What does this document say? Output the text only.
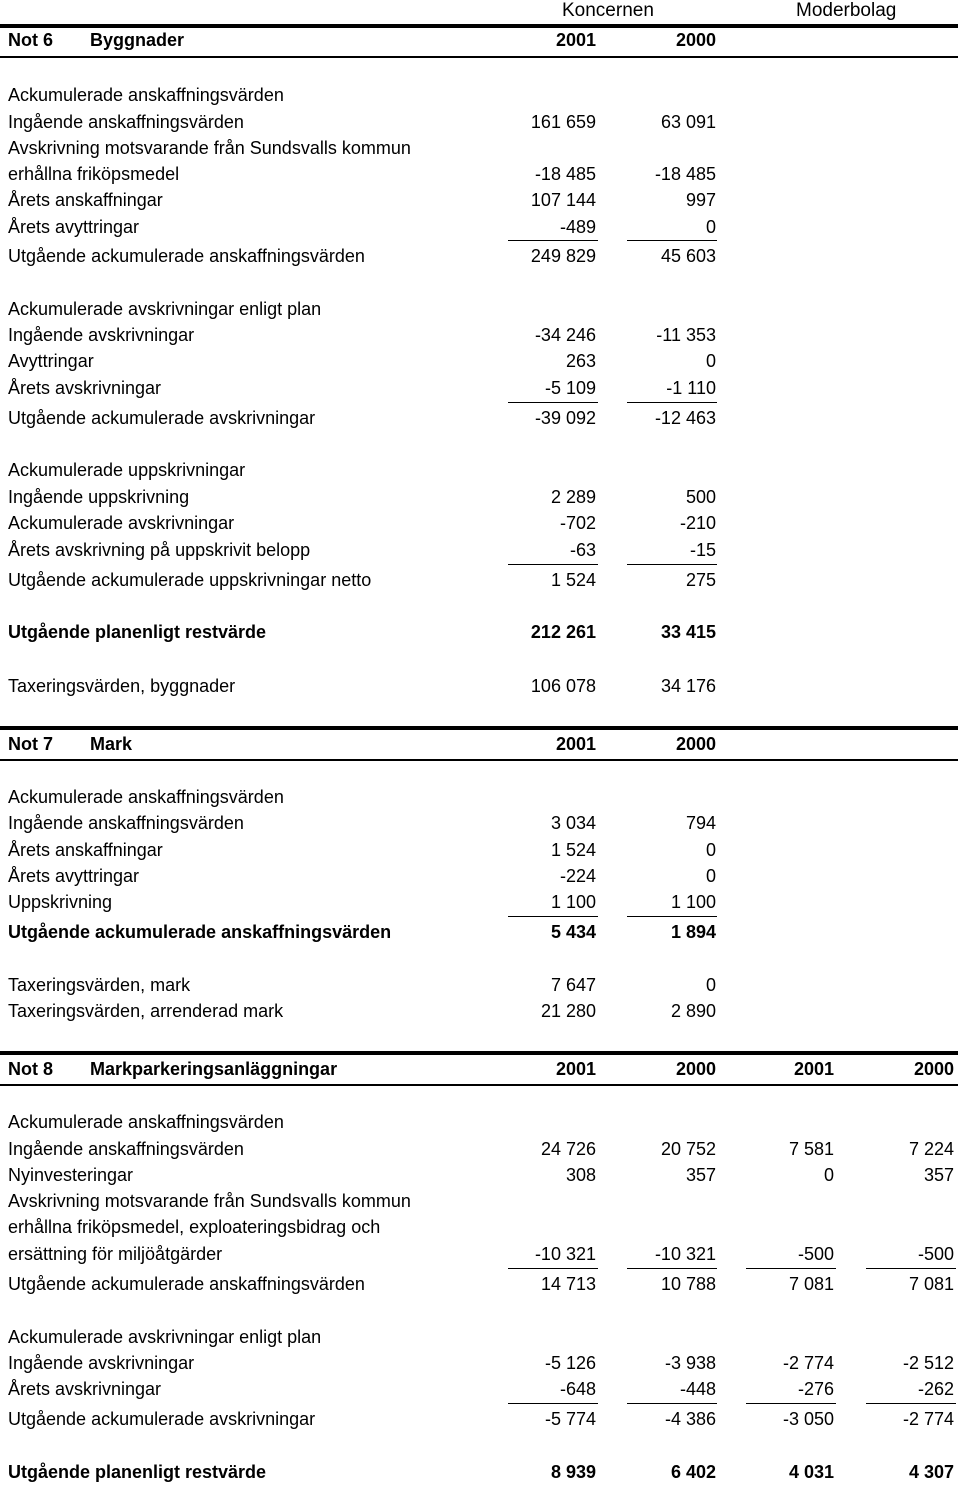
Koncernen	Moderbolag
Not 6 Byggnader	2001	2000
Ackumulerade anskaffningsvärden
Ingående anskaffningsvärden	161 659	63 091
Avskrivning motsvarande från Sundsvalls kommun
erhållna friköpsmedel	-18 485	-18 485
Årets anskaffningar	107 144	997
Årets avyttringar	-489	0
Utgående ackumulerade anskaffningsvärden	249 829	45 603
Ackumulerade avskrivningar enligt plan
Ingående avskrivningar	-34 246	-11 353
Avyttringar	263	0
Årets avskrivningar	-5 109	-1 110
Utgående ackumulerade avskrivningar	-39 092	-12 463
Ackumulerade uppskrivningar
Ingående uppskrivning	2 289	500
Ackumulerade avskrivningar	-702	-210
Årets avskrivning på uppskrivit belopp	-63	-15
Utgående ackumulerade uppskrivningar netto	1 524	275
Utgående planenligt restvärde	212 261	33 415
Taxeringsvärden, byggnader	106 078	34 176
Not 7 Mark	2001	2000
Ackumulerade anskaffningsvärden
Ingående anskaffningsvärden	3 034	794
Årets anskaffningar	1 524	0
Årets avyttringar	-224	0
Uppskrivning	1 100	1 100
Utgående ackumulerade anskaffningsvärden	5 434	1 894
Taxeringsvärden, mark	7 647	0
Taxeringsvärden, arrenderad mark	21 280	2 890
Not 8 Markparkeringsanläggningar	2001	2000	2001	2000
Ackumulerade anskaffningsvärden
Ingående anskaffningsvärden	24 726	20 752	7 581	7 224
Nyinvesteringar	308	357	0	357
Avskrivning motsvarande från Sundsvalls kommun
erhållna friköpsmedel, exploateringsbidrag och
ersättning för miljöåtgärder	-10 321	-10 321	-500	-500
Utgående ackumulerade anskaffningsvärden	14 713	10 788	7 081	7 081
Ackumulerade avskrivningar enligt plan
Ingående avskrivningar	-5 126	-3 938	-2 774	-2 512
Årets avskrivningar	-648	-448	-276	-262
Utgående ackumulerade avskrivningar	-5 774	-4 386	-3 050	-2 774
Utgående planenligt restvärde	8 939	6 402	4 031	4 307
